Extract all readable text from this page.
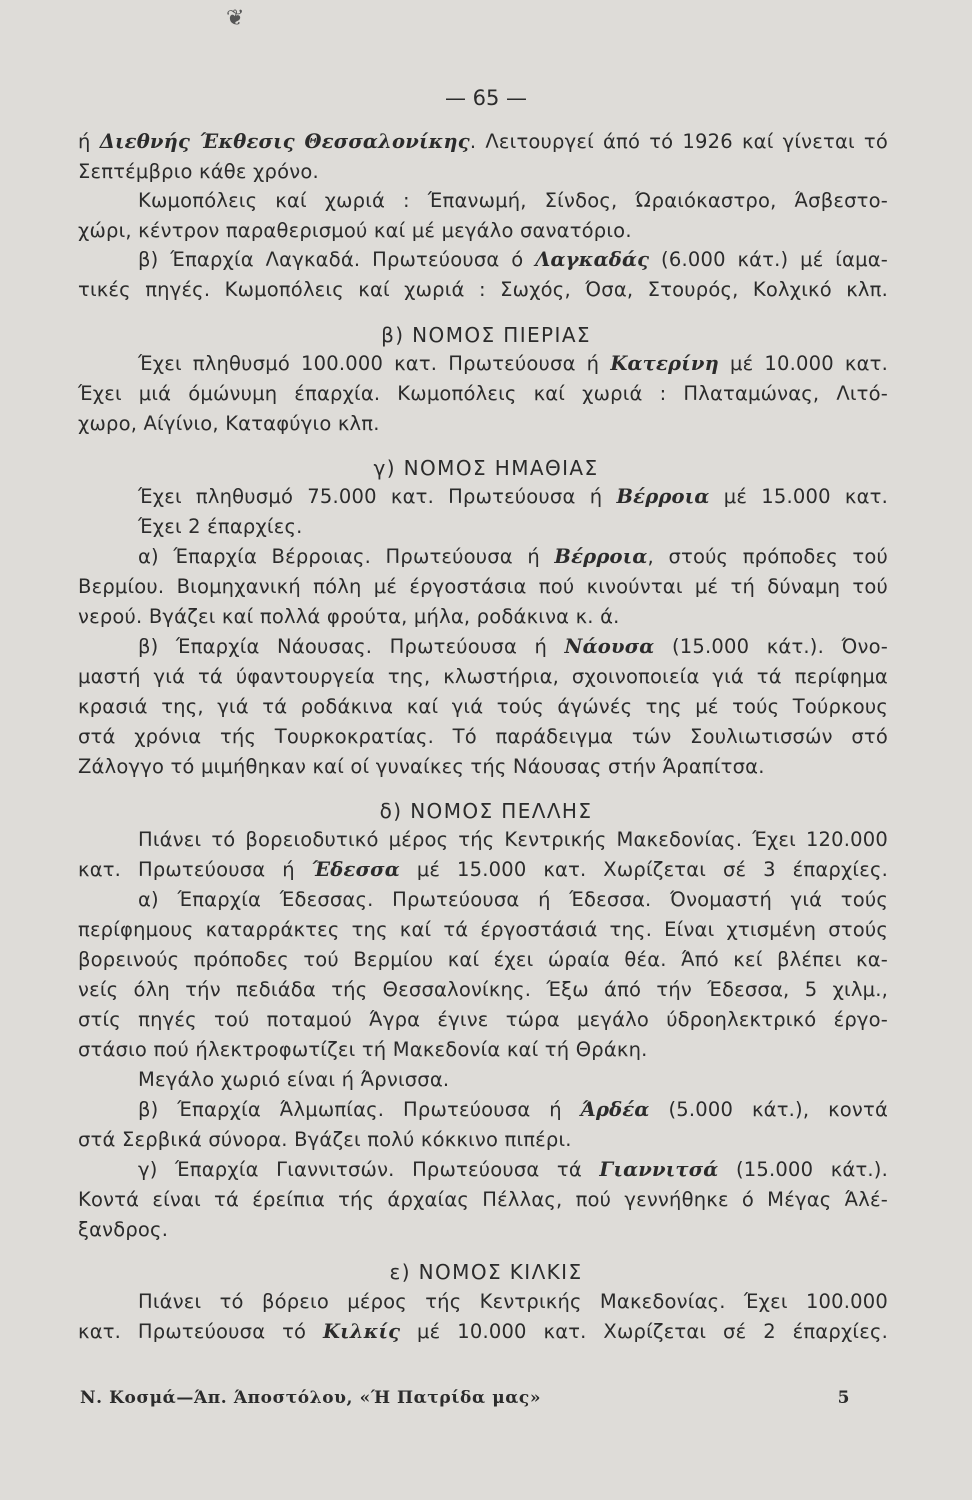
❦
— 65 —
ή Διεθνής Έκθεσις Θεσσαλονίκης. Λειτουργεί άπό τό 1926 καί γίνεται τό
Σεπτέμβριο κάθε χρόνο.
Κωμοπόλεις καί χωριά : Έπανωμή, Σίνδος, Ώραιόκαστρο, Άσβεστο-
χώρι, κέντρον παραθερισμού καί μέ μεγάλο σανατόριο.
β) Έπαρχία Λαγκαδά. Πρωτεύουσα ό Λαγκαδάς (6.000 κάτ.) μέ ίαμα-
τικές πηγές. Κωμοπόλεις καί χωριά : Σωχός, Όσα, Στουρός, Κολχικό κλπ.
β) ΝΟΜΟΣ ΠΙΕΡΙΑΣ
Έχει πληθυσμό 100.000 κατ. Πρωτεύουσα ή Κατερίνη μέ 10.000 κατ.
Έχει μιά όμώνυμη έπαρχία. Κωμοπόλεις καί χωριά : Πλαταμώνας, Λιτό-
χωρο, Αίγίνιο, Καταφύγιο κλπ.
γ) ΝΟΜΟΣ ΗΜΑΘΙΑΣ
Έχει πληθυσμό 75.000 κατ. Πρωτεύουσα ή Βέρροια μέ 15.000 κατ.
Έχει 2 έπαρχίες.
α) Έπαρχία Βέρροιας. Πρωτεύουσα ή Βέρροια, στούς πρόποδες τού
Βερμίου. Βιομηχανική πόλη μέ έργοστάσια πού κινούνται μέ τή δύναμη τού
νερού. Βγάζει καί πολλά φρούτα, μήλα, ροδάκινα κ. ά.
β) Έπαρχία Νάουσας. Πρωτεύουσα ή Νάουσα (15.000 κάτ.). Όνο-
μαστή γιά τά ύφαντουργεία της, κλωστήρια, σχοινοποιεία γιά τά περίφημα
κρασιά της, γιά τά ροδάκινα καί γιά τούς άγώνές της μέ τούς Τούρκους
στά χρόνια τής Τουρκοκρατίας. Τό παράδειγμα τών Σουλιωτισσών στό
Ζάλογγο τό μιμήθηκαν καί οί γυναίκες τής Νάουσας στήν Άραπίτσα.
δ) ΝΟΜΟΣ ΠΕΛΛΗΣ
Πιάνει τό βορειοδυτικό μέρος τής Κεντρικής Μακεδονίας. Έχει 120.000
κατ. Πρωτεύουσα ή Έδεσσα μέ 15.000 κατ. Χωρίζεται σέ 3 έπαρχίες.
α) Έπαρχία Έδεσσας. Πρωτεύουσα ή Έδεσσα. Όνομαστή γιά τούς
περίφημους καταρράκτες της καί τά έργοστάσιά της. Είναι χτισμένη στούς
βορεινούς πρόποδες τού Βερμίου καί έχει ώραία θέα. Άπό κεί βλέπει κα-
νείς όλη τήν πεδιάδα τής Θεσσαλονίκης. Έξω άπό τήν Έδεσσα, 5 χιλμ.,
στίς πηγές τού ποταμού Άγρα έγινε τώρα μεγάλο ύδροηλεκτρικό έργο-
στάσιο πού ήλεκτροφωτίζει τή Μακεδονία καί τή Θράκη.
Μεγάλο χωριό είναι ή Άρνισσα.
β) Έπαρχία Άλμωπίας. Πρωτεύουσα ή Άρδέα (5.000 κάτ.), κοντά
στά Σερβικά σύνορα. Βγάζει πολύ κόκκινο πιπέρι.
γ) Έπαρχία Γιαννιτσών. Πρωτεύουσα τά Γιαννιτσά (15.000 κάτ.).
Κοντά είναι τά έρείπια τής άρχαίας Πέλλας, πού γεννήθηκε ό Μέγας Άλέ-
ξανδρος.
ε) ΝΟΜΟΣ ΚΙΛΚΙΣ
Πιάνει τό βόρειο μέρος τής Κεντρικής Μακεδονίας. Έχει 100.000
κατ. Πρωτεύουσα τό Κιλκίς μέ 10.000 κατ. Χωρίζεται σέ 2 έπαρχίες.
Ν. Κοσμά—Άπ. Άποστόλου, «Ή Πατρίδα μας»	5
